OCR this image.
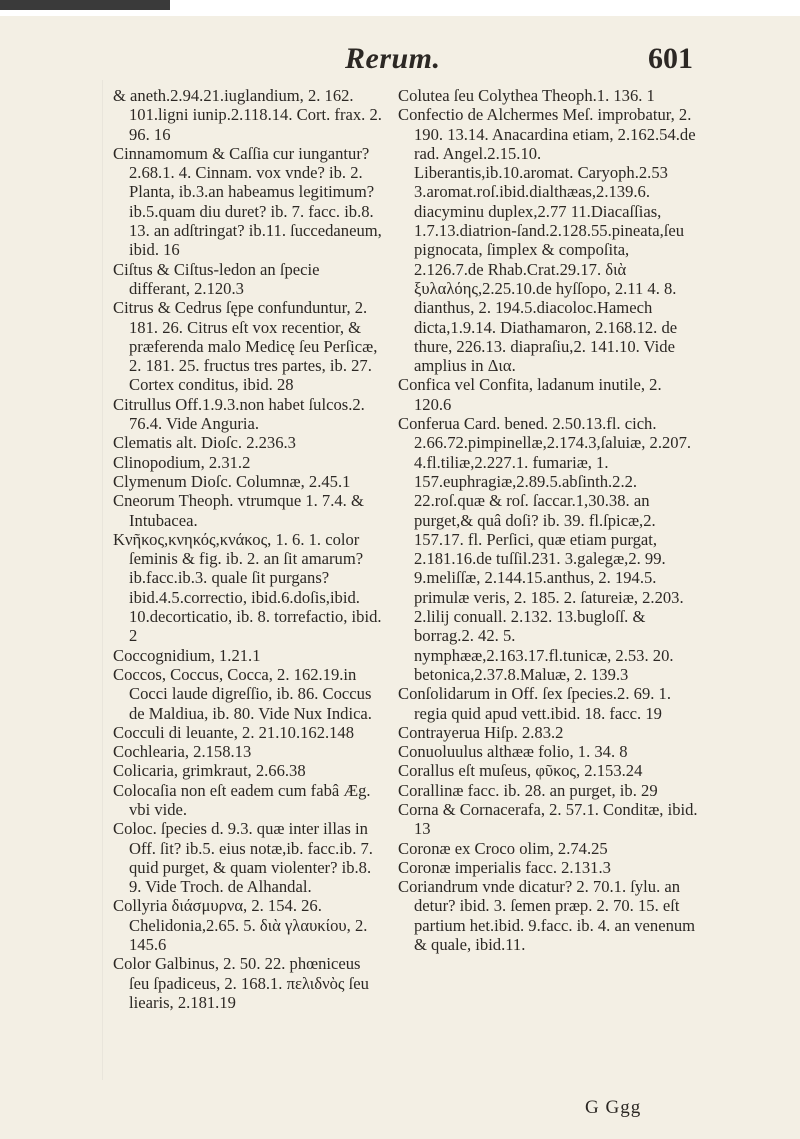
Rerum.	601

& aneth.2.94.21.iuglandium, 2. 162. 101.ligni iunip.2.118.14. Cort. frax. 2. 96. 16

Cinnamomum & Caſſia cur iungantur? 2.68.1. 4. Cinnam. vox vnde? ib. 2. Planta, ib.3.an habeamus legitimum? ib.5.quam diu duret? ib. 7. facc. ib.8. 13. an adſtringat? ib.11. ſuccedaneum, ibid. 16

Ciſtus & Ciſtus-ledon an ſpecie differant, 2.120.3

Citrus & Cedrus ſępe confunduntur, 2. 181. 26. Citrus eſt vox recentior, & præferenda malo Medicę ſeu Perſicæ, 2. 181. 25. fructus tres partes, ib. 27. Cortex conditus, ibid. 28

Citrullus Off.1.9.3.non habet ſulcos.2. 76.4. Vide Anguria.

Clematis alt. Dioſc. 2.236.3

Clinopodium, 2.31.2

Clymenum Dioſc. Columnæ, 2.45.1

Cneorum Theoph. vtrumque 1. 7.4. & Intubacea.

Κνῆκος,κνηκός,κνάκος, 1. 6. 1. color ſeminis & fig. ib. 2. an ſit amarum? ib.facc.ib.3. quale ſit purgans?ibid.4.5.correctio, ibid.6.doſis,ibid. 10.decorticatio, ib. 8. torrefactio, ibid. 2

Coccognidium, 1.21.1

Coccos, Coccus, Cocca, 2. 162.19.in Cocci laude digreſſio, ib. 86. Coccus de Maldiua, ib. 80. Vide Nux Indica.

Cocculi di leuante, 2. 21.10.162.148

Cochlearia, 2.158.13

Colicaria, grimkraut, 2.66.38

Colocaſia non eſt eadem cum fabâ Æg. vbi vide.

Coloc. ſpecies d. 9.3. quæ inter illas in Off. ſit? ib.5. eius notæ,ib. facc.ib. 7. quid purget, & quam violenter? ib.8. 9. Vide Troch. de Alhandal.

Collyria διάσμυρνα, 2. 154. 26. Chelidonia,2.65. 5. διὰ γλαυκίου, 2. 145.6

Color Galbinus, 2. 50. 22. phœniceus ſeu ſpadiceus, 2. 168.1. πελιδνὸς ſeu liearis, 2.181.19

Colutea ſeu Colythea Theoph.1. 136. 1

Confectio de Alchermes Meſ. improbatur, 2. 190. 13.14. Anacardina etiam, 2.162.54.de rad. Angel.2.15.10. Liberantis,ib.10.aromat. Caryoph.2.53 3.aromat.roſ.ibid.dialthæas,2.139.6. diacyminu duplex,2.77 11.Diacaſſias, 1.7.13.diatrion-ſand.2.128.55.pineata,ſeu pignocata, ſimplex & compoſita, 2.126.7.de Rhab.Crat.29.17. διὰ ξυλαλόης,2.25.10.de hyſſopo, 2.11 4. 8. dianthus, 2. 194.5.diacoloc.Hamech dicta,1.9.14. Diathamaron, 2.168.12. de thure, 226.13. diapraſiu,2. 141.10. Vide amplius in Δια.

Confica vel Confita, ladanum inutile, 2. 120.6

Conferua Card. bened. 2.50.13.fl. cich. 2.66.72.pimpinellæ,2.174.3,ſaluiæ, 2.207. 4.fl.tiliæ,2.227.1. fumariæ, 1. 157.euphragiæ,2.89.5.abſinth.2.2. 22.roſ.quæ & roſ. ſaccar.1,30.38. an purget,& quâ doſi? ib. 39. fl.ſpicæ,2. 157.17. fl. Perſici, quæ etiam purgat, 2.181.16.de tuſſil.231. 3.galegæ,2. 99. 9.meliſſæ, 2.144.15.anthus, 2. 194.5. primulæ veris, 2. 185. 2. ſatureiæ, 2.203. 2.lilij conuall. 2.132. 13.bugloſſ. & borrag.2. 42. 5. nymphææ,2.163.17.fl.tunicæ, 2.53. 20. betonica,2.37.8.Maluæ, 2. 139.3

Conſolidarum in Off. ſex ſpecies.2. 69. 1. regia quid apud vett.ibid. 18. facc. 19

Contrayerua Hiſp. 2.83.2

Conuoluulus althææ folio, 1. 34. 8

Corallus eſt muſeus, φῦκος, 2.153.24

Corallinæ facc. ib. 28. an purget, ib. 29

Corna & Cornacerafa, 2. 57.1. Conditæ, ibid. 13

Coronæ ex Croco olim, 2.74.25

Coronæ imperialis facc. 2.131.3

Coriandrum vnde dicatur? 2. 70.1. ſylu. an detur? ibid. 3. ſemen præp. 2. 70. 15. eſt partium het.ibid. 9.facc. ib. 4. an venenum & quale, ibid.11.

G Ggg
